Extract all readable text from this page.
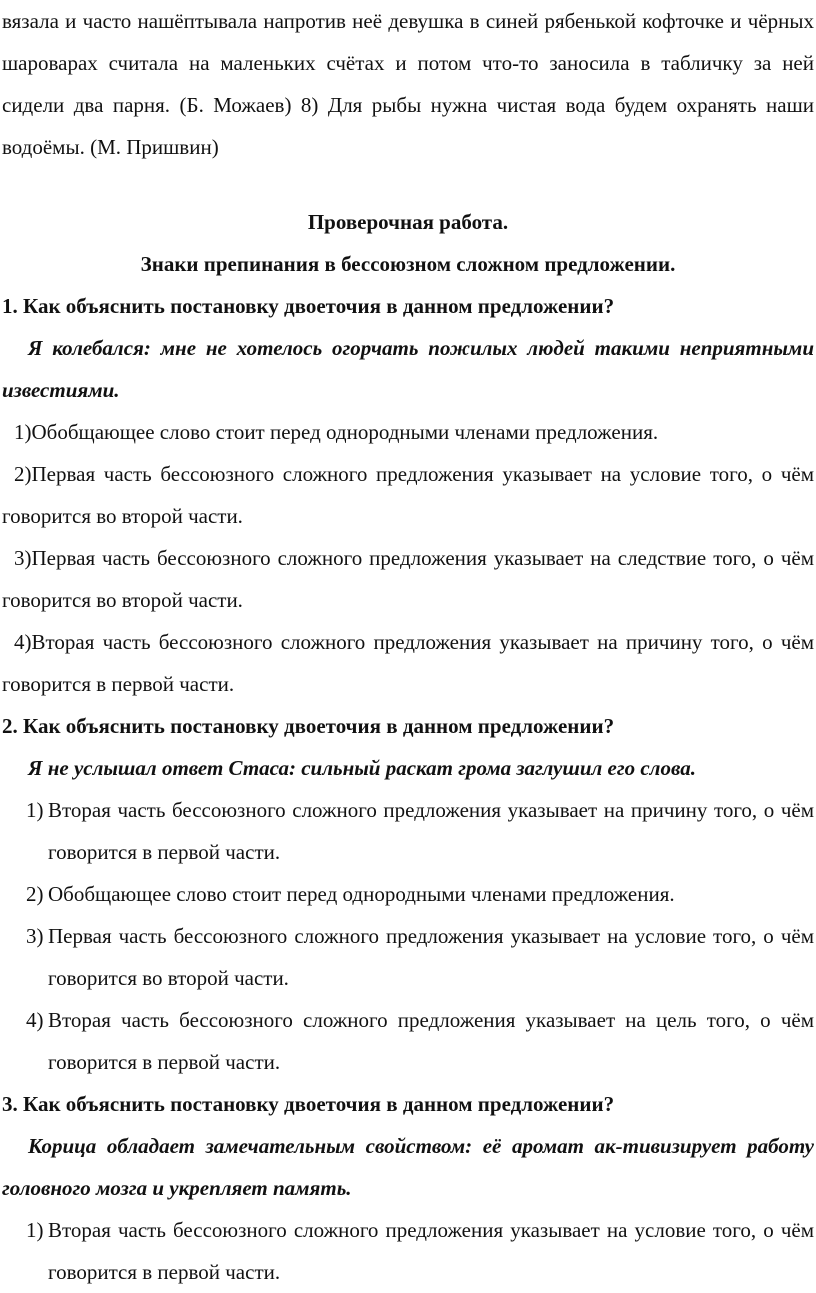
вязала и часто нашёптывала напротив неё девушка в синей рябенькой кофточке и чёрных шароварах считала на маленьких счётах и потом что-то заносила в табличку за ней сидели два парня. (Б. Можаев) 8) Для рыбы нужна чистая вода будем охранять наши водоёмы. (М. Пришвин)

Проверочная работа.

Знаки препинания в бессоюзном сложном предложении.

1. Как объяснить постановку двоеточия в данном предложении?

Я колебался: мне не хотелось огорчать пожилых людей такими неприятными известиями.

1)Обобщающее слово стоит перед однородными членами предложения.

2)Первая часть бессоюзного сложного предложения указывает на условие того, о чём говорится во второй части.

3)Первая часть бессоюзного сложного предложения указывает на следствие того, о чём говорится во второй части.

4)Вторая часть бессоюзного сложного предложения указывает на причину того, о чём говорится в первой части.

2. Как объяснить постановку двоеточия в данном предложении?

Я не услышал ответ Стаса: сильный раскат грома заглушил его слова.

1) Вторая часть бессоюзного сложного предложения указывает на причину того, о чём говорится в первой части.
2) Обобщающее слово стоит перед однородными членами предложения.
3) Первая часть бессоюзного сложного предложения указывает на условие того, о чём говорится во второй части.
4) Вторая часть бессоюзного сложного предложения указывает на цель того, о чём говорится в первой части.

3. Как объяснить постановку двоеточия в данном предложении?

Корица обладает замечательным свойством: её аромат ак-тивизирует работу головного мозга и укрепляет память.

1) Вторая часть бессоюзного сложного предложения указывает на условие того, о чём говорится в первой части.
